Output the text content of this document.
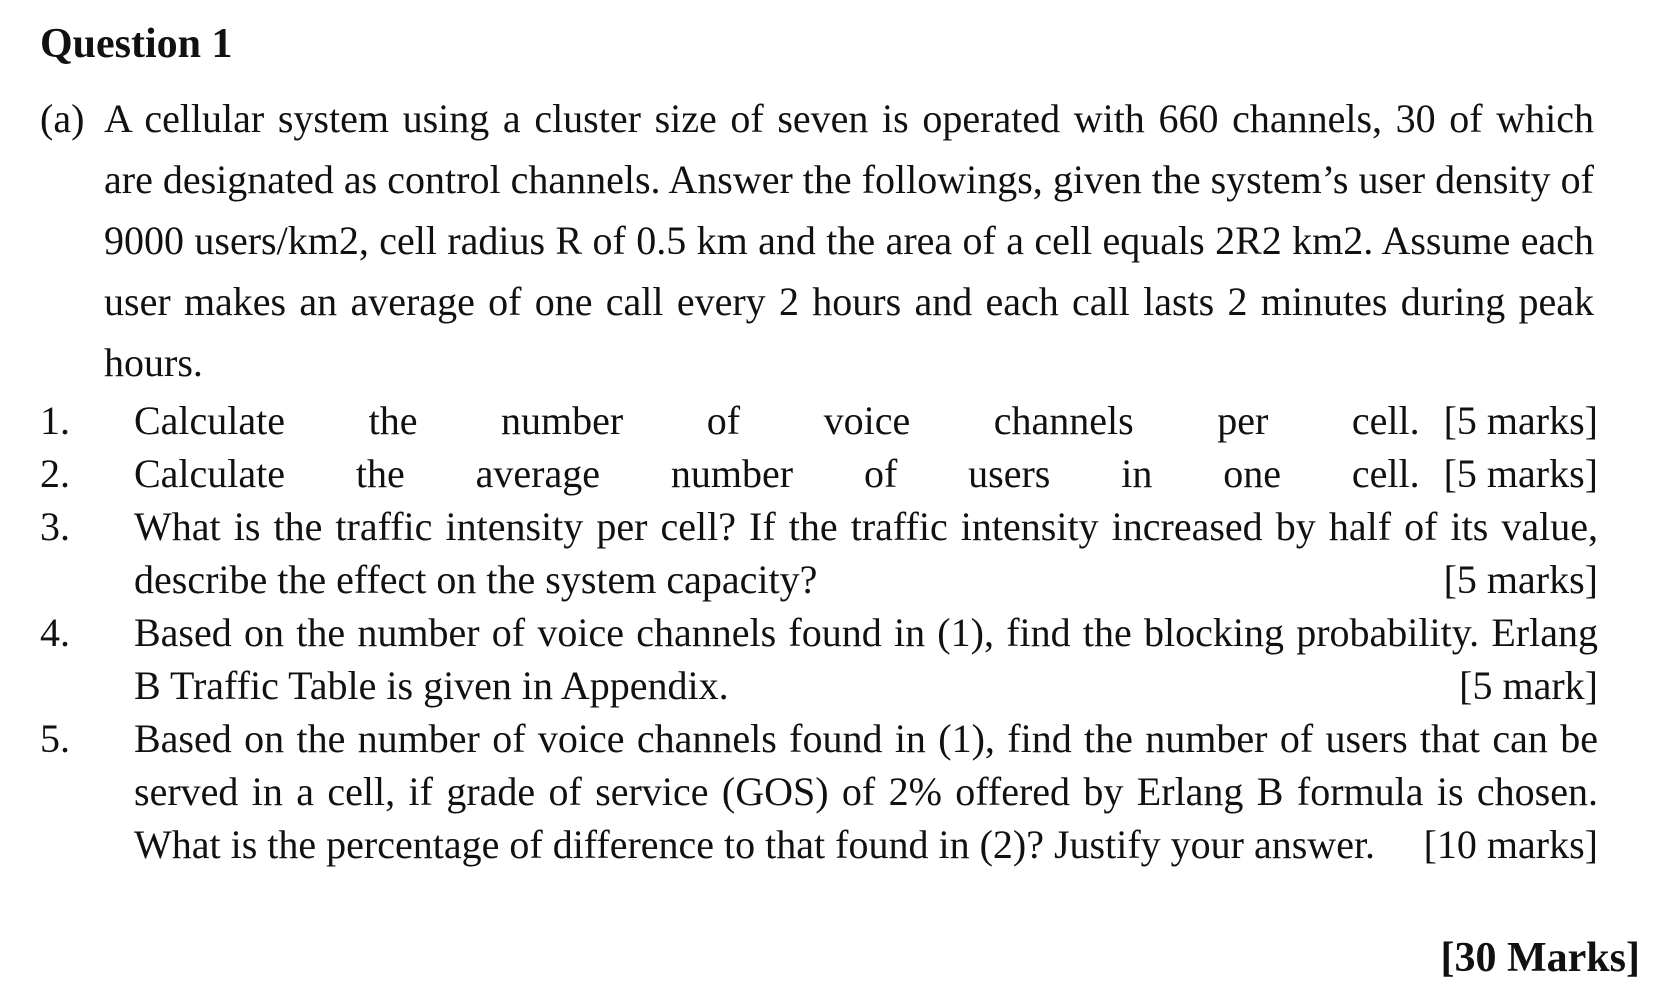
Question 1
(a) A cellular system using a cluster size of seven is operated with 660 channels, 30 of which are designated as control channels. Answer the followings, given the system’s user density of 9000 users/km2, cell radius R of 0.5 km and the area of a cell equals 2R2 km2. Assume each user makes an average of one call every 2 hours and each call lasts 2 minutes during peak hours.
1.	Calculate the number of voice channels per cell. [5 marks]
2.	Calculate the average number of users in one cell. [5 marks]
3.	What is the traffic intensity per cell? If the traffic intensity increased by half of its value, describe the effect on the system capacity?	[5 marks]
4.	Based on the number of voice channels found in (1), find the blocking probability. Erlang B Traffic Table is given in Appendix.	[5 mark]
5.	Based on the number of voice channels found in (1), find the number of users that can be served in a cell, if grade of service (GOS) of 2% offered by Erlang B formula is chosen. What is the percentage of difference to that found in (2)? Justify your answer. [10 marks]
[30 Marks]
